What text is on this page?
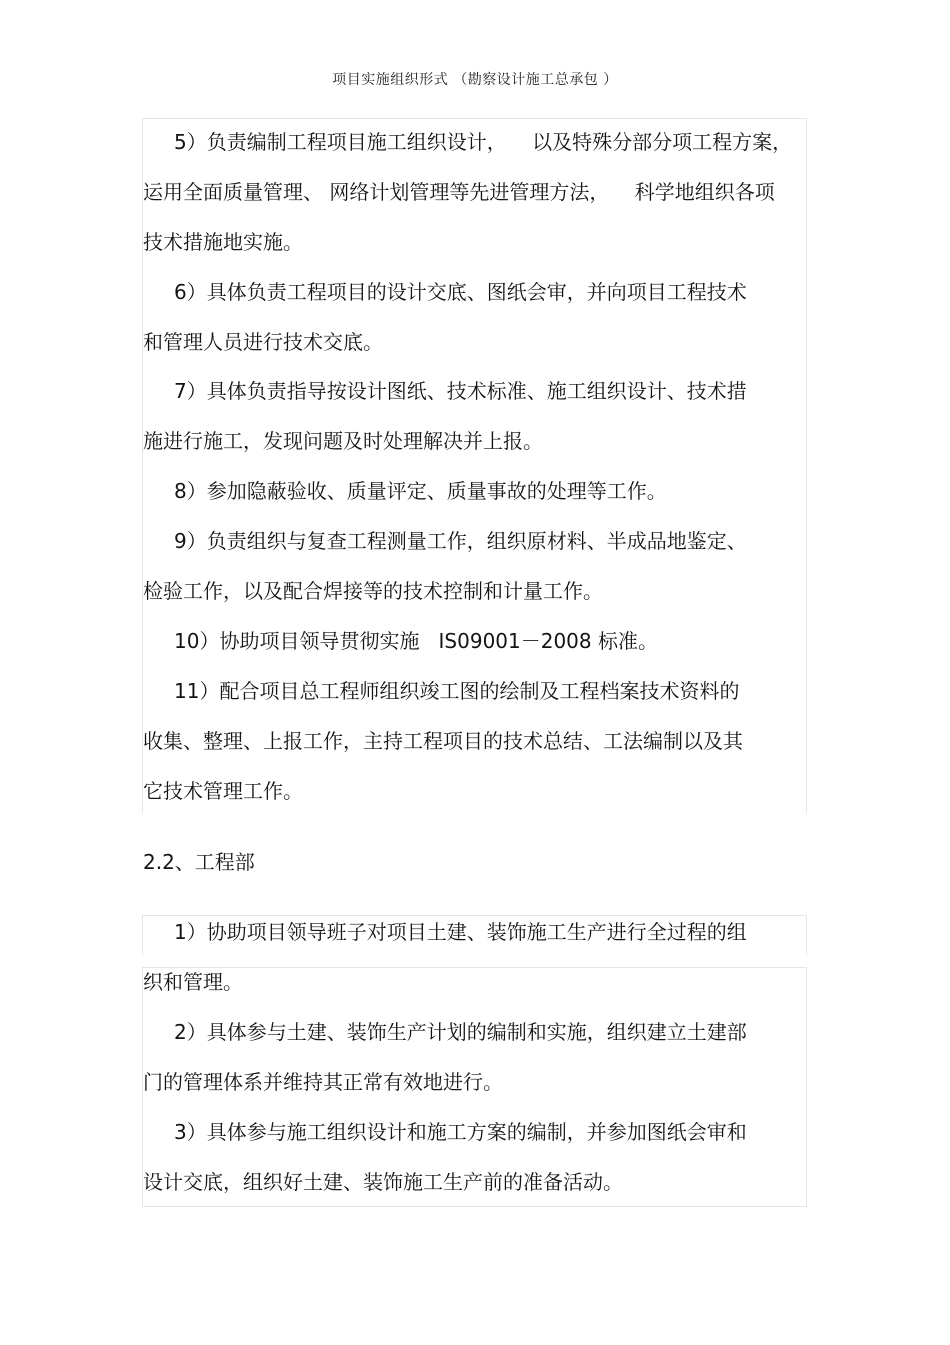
项目实施组织形式 （勘察设计施工总承包 ）
5）负责编制工程项目施工组织设计，    以及特殊分部分项工程方案，
运用全面质量管理、 网络计划管理等先进管理方法，    科学地组织各项
技术措施地实施。
6）具体负责工程项目的设计交底、图纸会审，并向项目工程技术
和管理人员进行技术交底。
7）具体负责指导按设计图纸、技术标准、施工组织设计、技术措
施进行施工，发现问题及时处理解决并上报。
8）参加隐蔽验收、质量评定、质量事故的处理等工作。
9）负责组织与复查工程测量工作，组织原材料、半成品地鉴定、
检验工作，以及配合焊接等的技术控制和计量工作。
10）协助项目领导贯彻实施   IS09001－2008 标准。
11）配合项目总工程师组织竣工图的绘制及工程档案技术资料的
收集、整理、上报工作，主持工程项目的技术总结、工法编制以及其
它技术管理工作。
2.2、工程部
1）协助项目领导班子对项目土建、装饰施工生产进行全过程的组
织和管理。
2）具体参与土建、装饰生产计划的编制和实施，组织建立土建部
门的管理体系并维持其正常有效地进行。
3）具体参与施工组织设计和施工方案的编制，并参加图纸会审和
设计交底，组织好土建、装饰施工生产前的准备活动。
